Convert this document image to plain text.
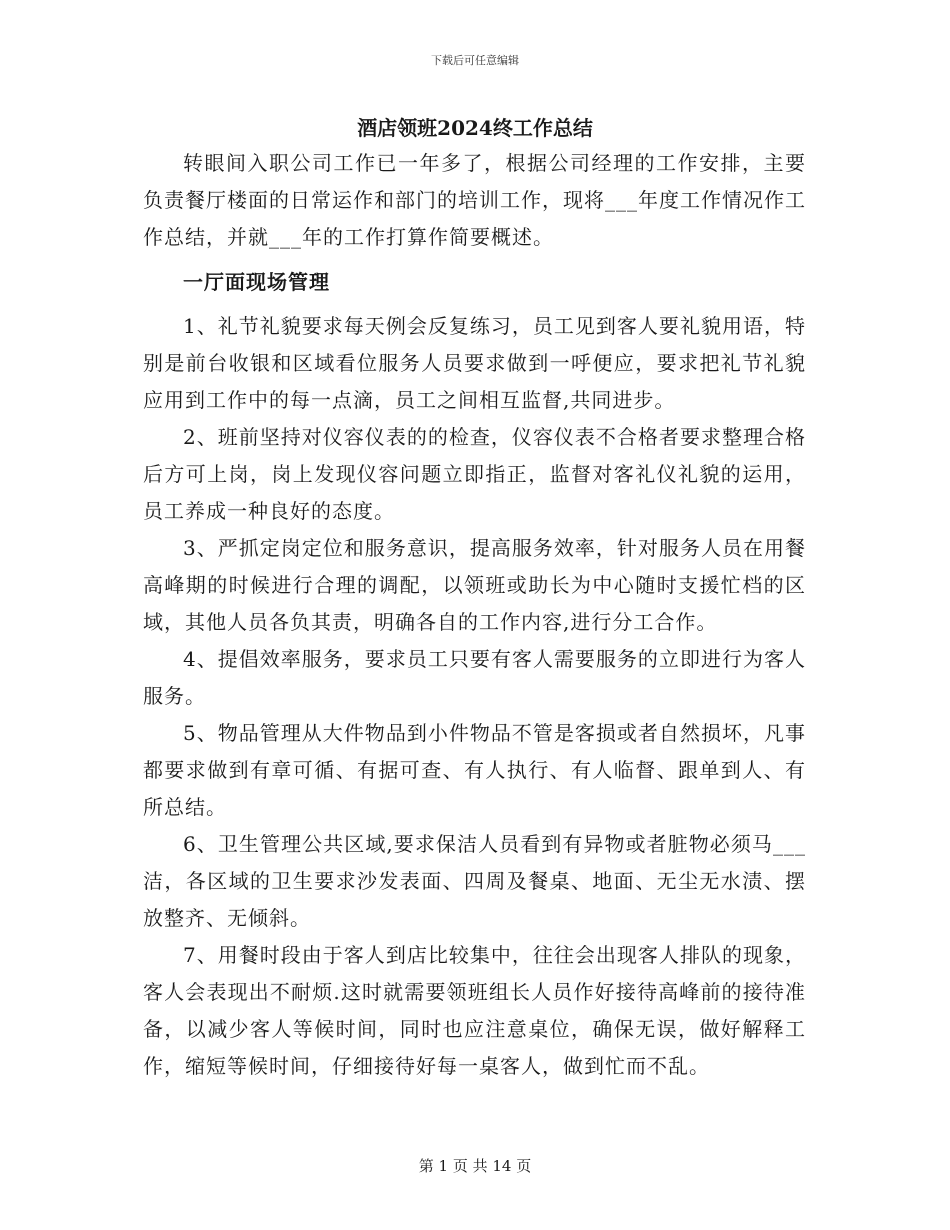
下载后可任意编辑
酒店领班2024终工作总结

转眼间入职公司工作已一年多了，根据公司经理的工作安排，主要负责餐厅楼面的日常运作和部门的培训工作，现将___年度工作情况作工作总结，并就___年的工作打算作简要概述。

一厅面现场管理

1、礼节礼貌要求每天例会反复练习，员工见到客人要礼貌用语，特别是前台收银和区域看位服务人员要求做到一呼便应，要求把礼节礼貌应用到工作中的每一点滴，员工之间相互监督,共同进步。

2、班前坚持对仪容仪表的的检查，仪容仪表不合格者要求整理合格后方可上岗，岗上发现仪容问题立即指正，监督对客礼仪礼貌的运用，员工养成一种良好的态度。

3、严抓定岗定位和服务意识，提高服务效率，针对服务人员在用餐高峰期的时候进行合理的调配，以领班或助长为中心随时支援忙档的区域，其他人员各负其责，明确各自的工作内容,进行分工合作。

4、提倡效率服务，要求员工只要有客人需要服务的立即进行为客人服务。

5、物品管理从大件物品到小件物品不管是客损或者自然损坏，凡事都要求做到有章可循、有据可查、有人执行、有人临督、跟单到人、有所总结。

6、卫生管理公共区域,要求保洁人员看到有异物或者脏物必须马___洁，各区域的卫生要求沙发表面、四周及餐桌、地面、无尘无水渍、摆放整齐、无倾斜。

7、用餐时段由于客人到店比较集中，往往会出现客人排队的现象，客人会表现出不耐烦.这时就需要领班组长人员作好接待高峰前的接待准备，以减少客人等候时间，同时也应注意桌位，确保无误，做好解释工作，缩短等候时间，仔细接待好每一桌客人，做到忙而不乱。

第 1 页 共 14 页
